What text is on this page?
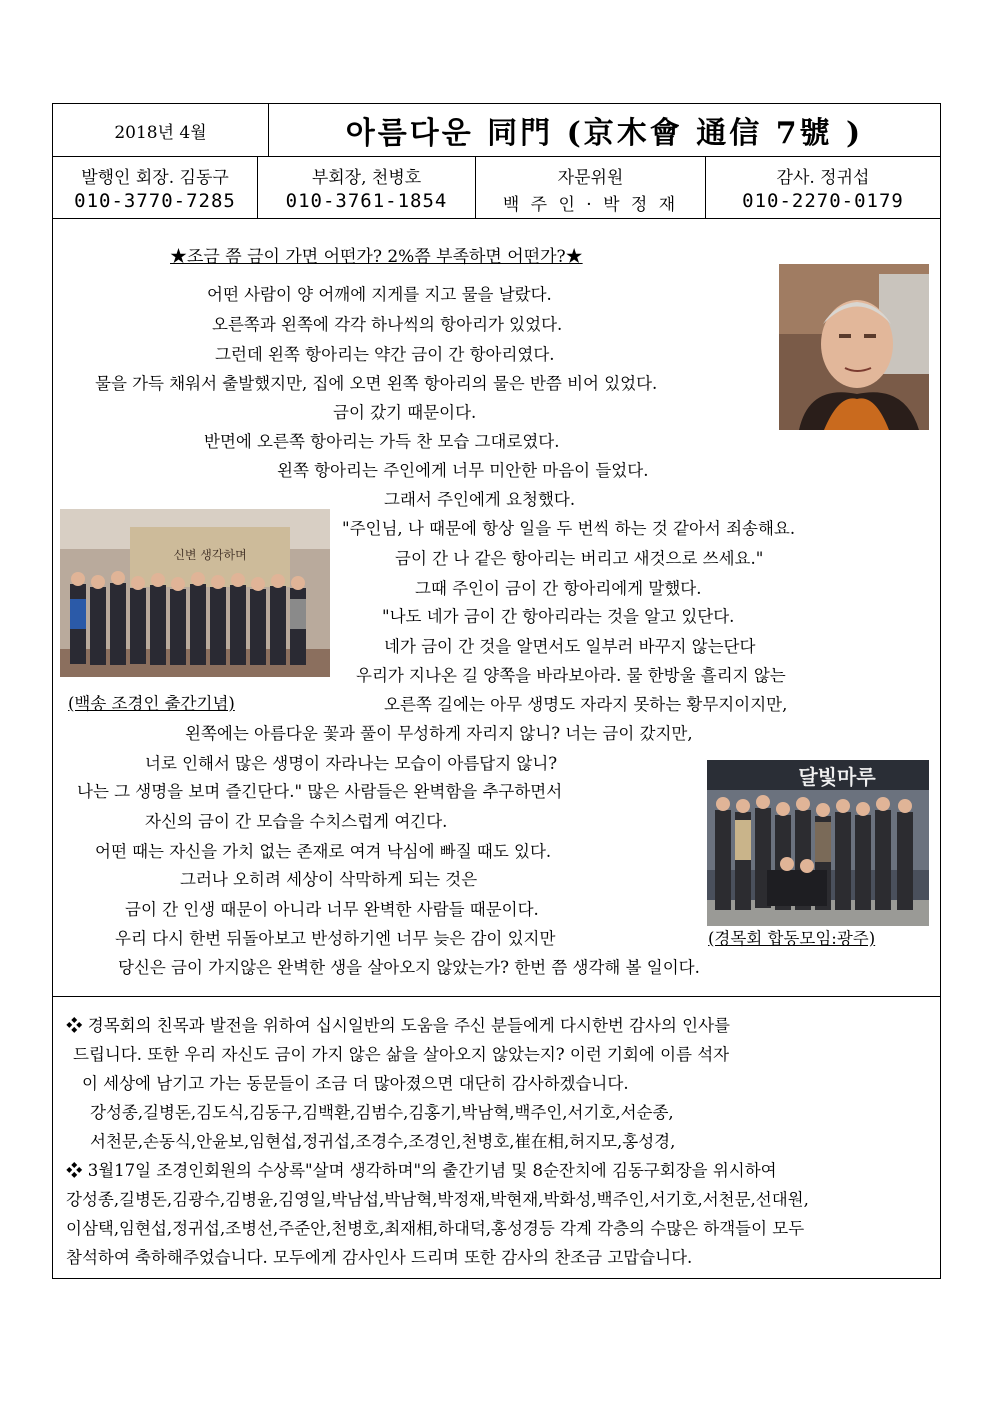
2018년 4월	아름다운 同門 (京木會 通信 7號 )
발행인 회장. 김동구
010-3770-7285
부회장, 천병호
010-3761-1854
자문위원
백 주 인 · 박 정 재
감사. 정귀섭
010-2270-0179
★조금 쯤 금이 가면 어떤가? 2%쯤 부족하면 어떤가?★
어떤 사람이 양 어깨에 지게를 지고 물을 날랐다.
오른쪽과 왼쪽에 각각 하나씩의 항아리가 있었다.
그런데 왼쪽 항아리는 약간 금이 간 항아리였다.
물을 가득 채워서 출발했지만, 집에 오면 왼쪽 항아리의 물은 반쯤 비어 있었다.
금이 갔기 때문이다.
반면에 오른쪽 항아리는 가득 찬 모습 그대로였다.
왼쪽 항아리는 주인에게 너무 미안한 마음이 들었다.
그래서 주인에게 요청했다.
"주인님, 나 때문에 항상 일을 두 번씩 하는 것 같아서 죄송해요.
금이 간 나 같은 항아리는 버리고 새것으로 쓰세요."
그때 주인이 금이 간 항아리에게 말했다.
"나도 네가 금이 간 항아리라는 것을 알고 있단다.
네가 금이 간 것을 알면서도 일부러 바꾸지 않는단다
우리가 지나온 길 양쪽을 바라보아라. 물 한방울 흘리지 않는
오른쪽 길에는 아무 생명도 자라지 못하는 황무지이지만,
왼쪽에는 아름다운 꽃과 풀이 무성하게 자리지 않니? 너는 금이 갔지만,
너로 인해서 많은 생명이 자라나는 모습이 아름답지 않니?
나는 그 생명을 보며 즐긴단다." 많은 사람들은 완벽함을 추구하면서
자신의 금이 간 모습을 수치스럽게 여긴다.
어떤 때는 자신을 가치 없는 존재로 여겨 낙심에 빠질 때도 있다.
그러나 오히려 세상이 삭막하게 되는 것은
금이 간 인생 때문이 아니라 너무 완벽한 사람들 때문이다.
우리 다시 한번 뒤돌아보고 반성하기엔 너무 늦은 감이 있지만
당신은 금이 가지않은 완벽한 생을 살아오지 않았는가? 한번 쯤 생각해 볼 일이다.
신변 생각하며
(백송 조경인 출간기념)
달빛마루
(경목회 합동모임:광주)
❖ 경목회의 친목과 발전을 위하여 십시일반의 도움을 주신 분들에게 다시한번 감사의 인사를
드립니다. 또한 우리 자신도 금이 가지 않은 삶을 살아오지 않았는지? 이런 기회에 이름 석자
이 세상에 남기고 가는 동문들이 조금 더 많아졌으면 대단히 감사하겠습니다.
강성종,길병돈,김도식,김동구,김백환,김범수,김홍기,박남혁,백주인,서기호,서순종,
서천문,손동식,안윤보,임현섭,정귀섭,조경수,조경인,천병호,崔在相,허지모,홍성경,
❖ 3월17일 조경인회원의 수상록"살며 생각하며"의 출간기념 및 8순잔치에 김동구회장을 위시하여
강성종,길병돈,김광수,김병윤,김영일,박남섭,박남혁,박정재,박현재,박화성,백주인,서기호,서천문,선대원,
이삼택,임현섭,정귀섭,조병선,주준안,천병호,최재相,하대덕,홍성경등 각계 각층의 수많은 하객들이 모두
참석하여 축하해주었습니다. 모두에게 감사인사 드리며 또한 감사의 찬조금 고맙습니다.
